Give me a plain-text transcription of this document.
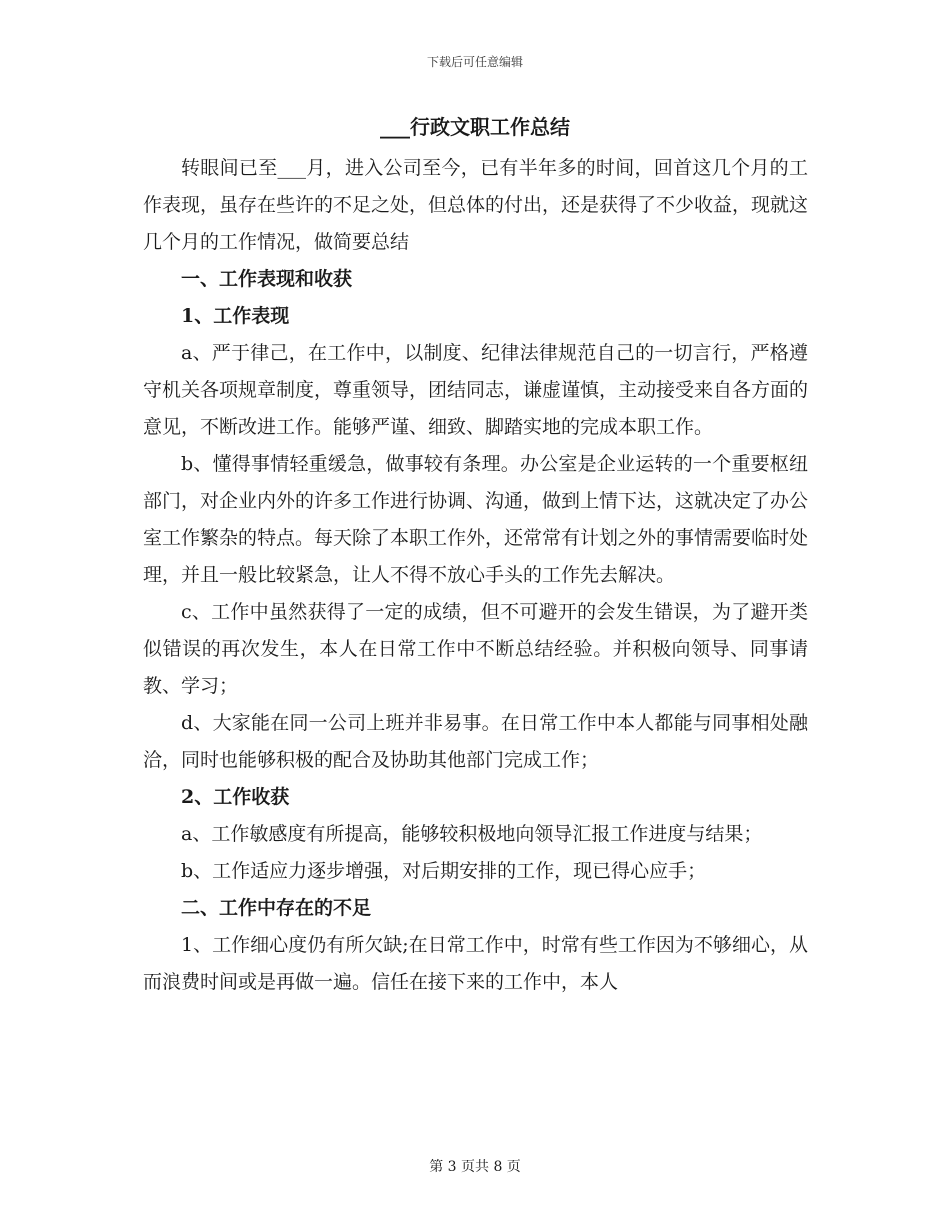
下载后可任意编辑
___行政文职工作总结

转眼间已至___月，进入公司至今，已有半年多的时间，回首这几个月的工作表现，虽存在些许的不足之处，但总体的付出，还是获得了不少收益，现就这几个月的工作情况，做简要总结

一、工作表现和收获

1、工作表现

a、严于律己，在工作中，以制度、纪律法律规范自己的一切言行，严格遵守机关各项规章制度，尊重领导，团结同志，谦虚谨慎，主动接受来自各方面的意见，不断改进工作。能够严谨、细致、脚踏实地的完成本职工作。

b、懂得事情轻重缓急，做事较有条理。办公室是企业运转的一个重要枢纽部门，对企业内外的许多工作进行协调、沟通，做到上情下达，这就决定了办公室工作繁杂的特点。每天除了本职工作外，还常常有计划之外的事情需要临时处理，并且一般比较紧急，让人不得不放心手头的工作先去解决。

c、工作中虽然获得了一定的成绩，但不可避开的会发生错误，为了避开类似错误的再次发生，本人在日常工作中不断总结经验。并积极向领导、同事请教、学习；

d、大家能在同一公司上班并非易事。在日常工作中本人都能与同事相处融洽，同时也能够积极的配合及协助其他部门完成工作；

2、工作收获

a、工作敏感度有所提高，能够较积极地向领导汇报工作进度与结果；

b、工作适应力逐步增强，对后期安排的工作，现已得心应手；

二、工作中存在的不足

1、工作细心度仍有所欠缺;在日常工作中，时常有些工作因为不够细心，从而浪费时间或是再做一遍。信任在接下来的工作中，本人

第 3 页共 8 页
